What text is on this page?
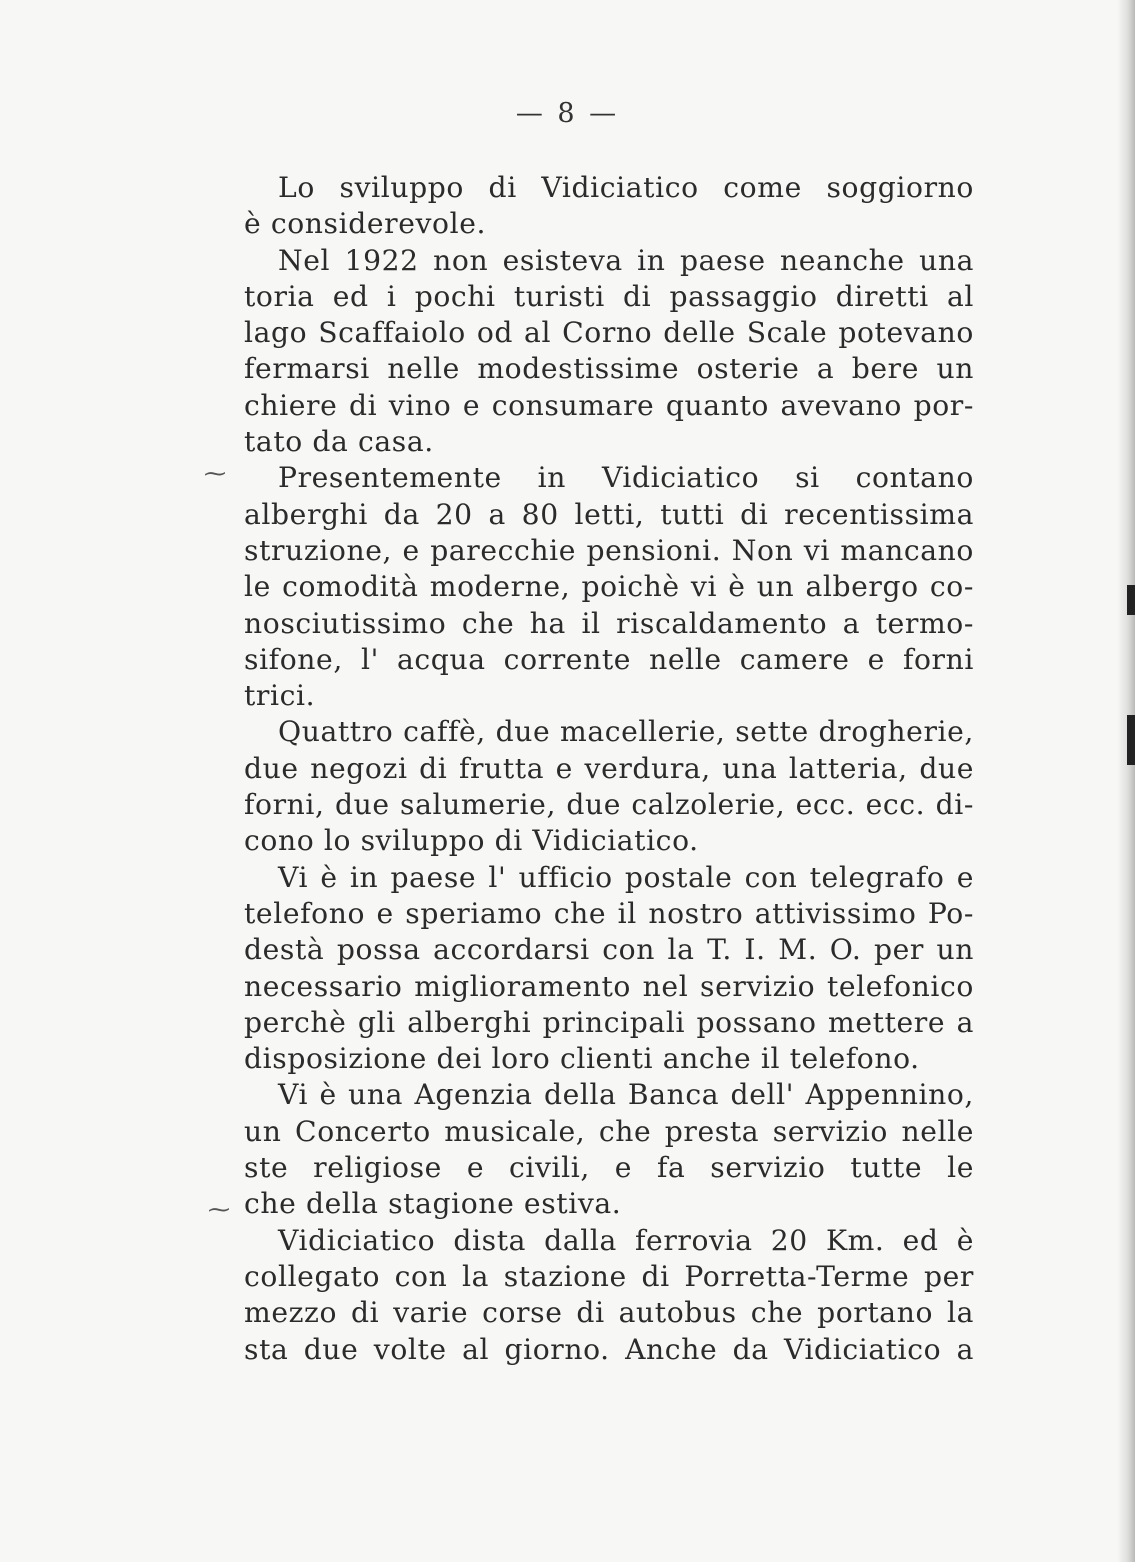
— 8 —
⁓
⁓
Lo sviluppo di Vidiciatico come soggiorno
è considerevole.
Nel 1922 non esisteva in paese neanche una
toria ed i pochi turisti di passaggio diretti al
lago Scaffaiolo od al Corno delle Scale potevano
fermarsi nelle modestissime osterie a bere un
chiere di vino e consumare quanto avevano por-
tato da casa.
Presentemente in Vidiciatico si contano
alberghi da 20 a 80 letti, tutti di recentissima
struzione, e parecchie pensioni. Non vi mancano
le comodità moderne, poichè vi è un albergo co-
nosciutissimo che ha il riscaldamento a termo-
sifone, l' acqua corrente nelle camere e forni
trici.
Quattro caffè, due macellerie, sette drogherie,
due negozi di frutta e verdura, una latteria, due
forni, due salumerie, due calzolerie, ecc. ecc. di-
cono lo sviluppo di Vidiciatico.
Vi è in paese l' ufficio postale con telegrafo e
telefono e speriamo che il nostro attivissimo Po-
destà possa accordarsi con la T. I. M. O. per un
necessario miglioramento nel servizio telefonico
perchè gli alberghi principali possano mettere a
disposizione dei loro clienti anche il telefono.
Vi è una Agenzia della Banca dell' Appennino,
un Concerto musicale, che presta servizio nelle
ste religiose e civili, e fa servizio tutte le
che della stagione estiva.
Vidiciatico dista dalla ferrovia 20 Km. ed è
collegato con la stazione di Porretta-Terme per
mezzo di varie corse di autobus che portano la
sta due volte al giorno. Anche da Vidiciatico a
